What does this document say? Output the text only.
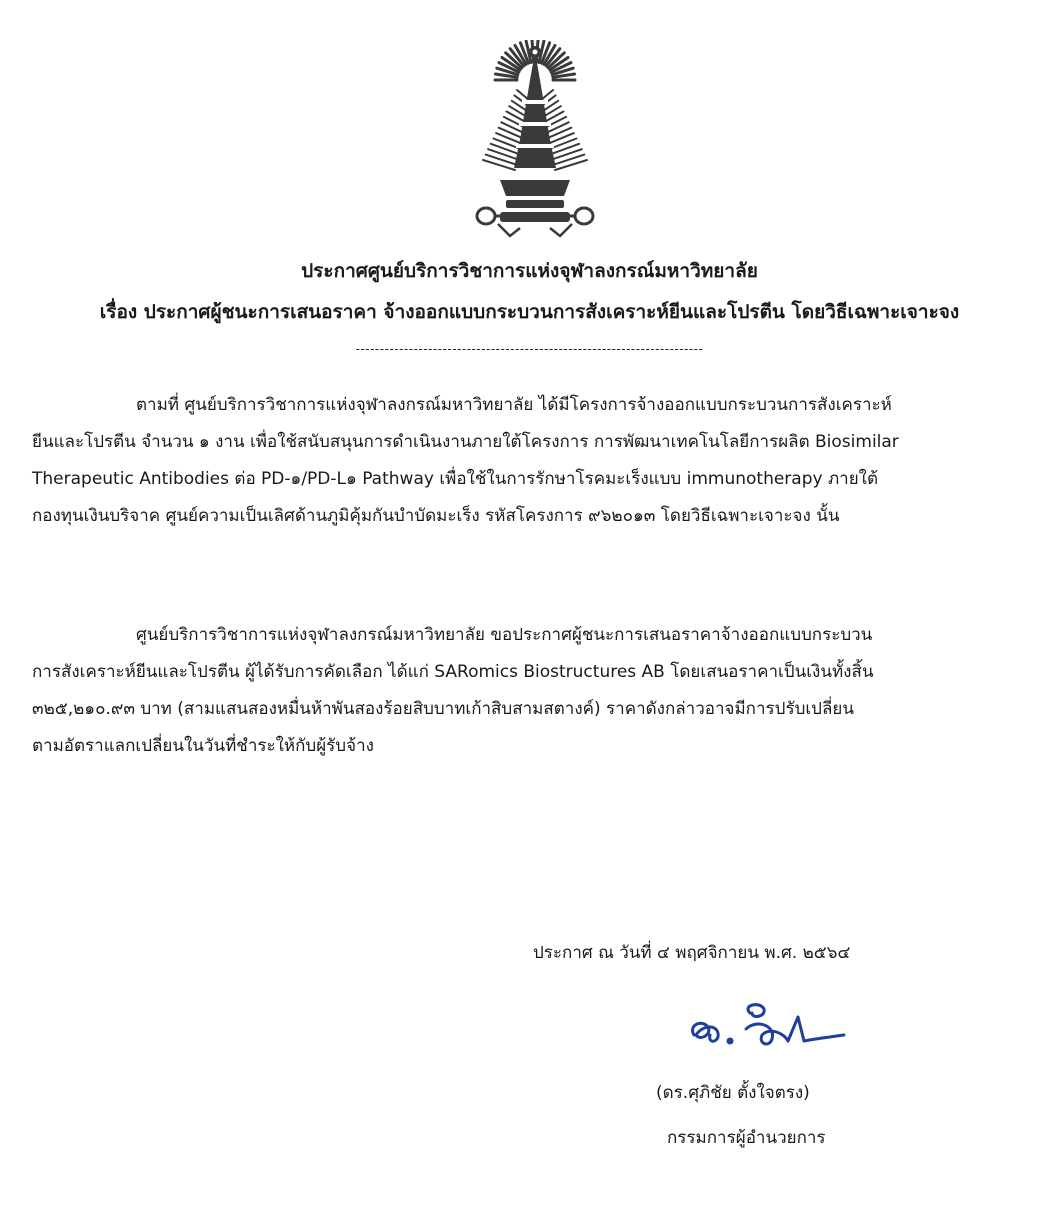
ประกาศศูนย์บริการวิชาการแห่งจุฬาลงกรณ์มหาวิทยาลัย
เรื่อง ประกาศผู้ชนะการเสนอราคา จ้างออกแบบกระบวนการสังเคราะห์ยีนและโปรตีน โดยวิธีเฉพาะเจาะจง
------------------------------------------------------------------------
ตามที่ ศูนย์บริการวิชาการแห่งจุฬาลงกรณ์มหาวิทยาลัย ได้มีโครงการจ้างออกแบบกระบวนการสังเคราะห์
ยีนและโปรตีน จำนวน ๑ งาน เพื่อใช้สนับสนุนการดำเนินงานภายใต้โครงการ การพัฒนาเทคโนโลยีการผลิต Biosimilar
Therapeutic Antibodies ต่อ PD-๑/PD-L๑ Pathway เพื่อใช้ในการรักษาโรคมะเร็งแบบ immunotherapy ภายใต้
กองทุนเงินบริจาค ศูนย์ความเป็นเลิศด้านภูมิคุ้มกันบำบัดมะเร็ง รหัสโครงการ ๙๖๒๐๑๓ โดยวิธีเฉพาะเจาะจง นั้น
ศูนย์บริการวิชาการแห่งจุฬาลงกรณ์มหาวิทยาลัย ขอประกาศผู้ชนะการเสนอราคาจ้างออกแบบกระบวน
การสังเคราะห์ยีนและโปรตีน ผู้ได้รับการคัดเลือก ได้แก่ SARomics Biostructures AB โดยเสนอราคาเป็นเงินทั้งสิ้น
๓๒๕,๒๑๐.๙๓ บาท (สามแสนสองหมื่นห้าพันสองร้อยสิบบาทเก้าสิบสามสตางค์) ราคาดังกล่าวอาจมีการปรับเปลี่ยน
ตามอัตราแลกเปลี่ยนในวันที่ชำระให้กับผู้รับจ้าง
ประกาศ ณ วันที่ ๔ พฤศจิกายน พ.ศ. ๒๕๖๔
(ดร.ศุภิชัย ตั้งใจตรง)
กรรมการผู้อำนวยการ
